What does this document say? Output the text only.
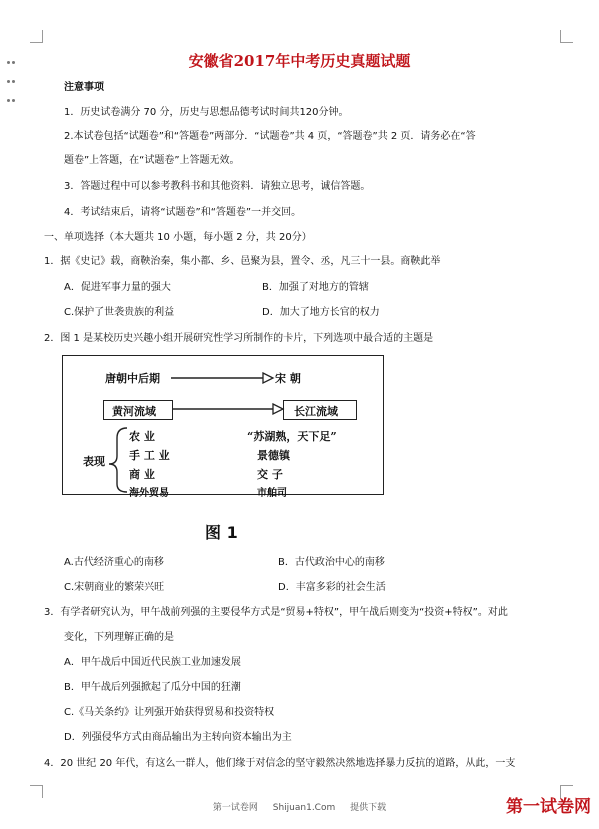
安徽省2017年中考历史真题试题
注意事项
1．历史试卷满分 70 分，历史与思想品德考试时间共120分钟。
2.本试卷包括“试题卷”和“答题卷”两部分．“试题卷”共 4 页，“答题卷”共 2 页．请务必在“答
题卷”上答题，在“试题卷”上答题无效。
3．答题过程中可以参考教科书和其他资料．请独立思考，诚信答题。
4．考试结束后，请将“试题卷”和“答题卷”一并交回。
一、单项选择（本大题共 10 小题，每小题 2 分，共 20分）
1．据《史记》载，商鞅治秦，集小都、乡、邑聚为县，置令、丞，凡三十一县。商鞅此举
A．促进军事力量的强大	B．加强了对地方的管辖
C.保护了世袭贵族的利益	D．加大了地方长官的权力
2．图 1 是某校历史兴趣小组开展研究性学习所制作的卡片，下列选项中最合适的主题是
唐朝中后期	宋 朝
黄河流域	长江流域
表现
农 业
手 工 业
商 业
海外贸易
“苏湖熟，天下足”
景德镇
交 子
市舶司
图 1
A.古代经济重心的南移	B．古代政治中心的南移
C.宋朝商业的繁荣兴旺	D．丰富多彩的社会生活
3．有学者研究认为，甲午战前列强的主要侵华方式是“贸易+特权”，甲午战后则变为“投资+特权”。对此
变化，下列理解正确的是
A．甲午战后中国近代民族工业加速发展
B．甲午战后列强掀起了瓜分中国的狂潮
C.《马关条约》让列强开始获得贸易和投资特权
D．列强侵华方式由商品输出为主转向资本输出为主
4．20 世纪 20 年代，有这么一群人，他们缘于对信念的坚守毅然决然地选择暴力反抗的道路，从此，一支
第一试卷网 Shijuan1.Com 提供下载	第一试卷网
